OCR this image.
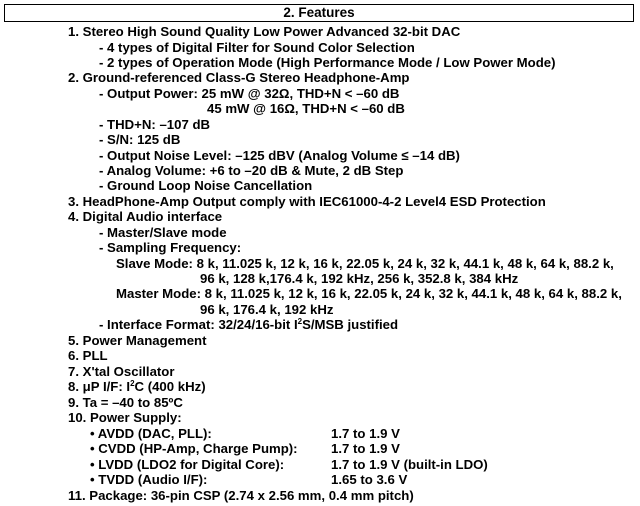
2. Features
1. Stereo High Sound Quality Low Power Advanced 32-bit DAC
- 4 types of Digital Filter for Sound Color Selection
- 2 types of Operation Mode (High Performance Mode / Low Power Mode)
2. Ground-referenced Class-G Stereo Headphone-Amp
- Output Power: 25 mW @ 32Ω, THD+N < –60 dB
45 mW @ 16Ω, THD+N < –60 dB
- THD+N: –107 dB
- S/N: 125 dB
- Output Noise Level: –125 dBV (Analog Volume ≤ –14 dB)
- Analog Volume: +6 to –20 dB & Mute, 2 dB Step
- Ground Loop Noise Cancellation
3. HeadPhone-Amp Output comply with IEC61000-4-2 Level4 ESD Protection
4. Digital Audio interface
- Master/Slave mode
- Sampling Frequency:
Slave Mode: 8 k, 11.025 k, 12 k, 16 k, 22.05 k, 24 k, 32 k, 44.1 k, 48 k, 64 k, 88.2 k,
96 k, 128 k,176.4 k, 192 kHz, 256 k, 352.8 k, 384 kHz
Master Mode: 8 k, 11.025 k, 12 k, 16 k, 22.05 k, 24 k, 32 k, 44.1 k, 48 k, 64 k, 88.2 k,
96 k, 176.4 k, 192 kHz
- Interface Format: 32/24/16-bit $I^2S$/MSB justified
5. Power Management
6. PLL
7. X'tal Oscillator
8. μP I/F: $I^2C$ (400 kHz)
9. Ta = –40 to 85ºC
10. Power Supply:
• AVDD (DAC, PLL):	1.7 to 1.9 V
• CVDD (HP-Amp, Charge Pump):	1.7 to 1.9 V
• LVDD (LDO2 for Digital Core):	1.7 to 1.9 V (built-in LDO)
• TVDD (Audio I/F):	1.65 to 3.6 V
11. Package: 36-pin CSP (2.74 x 2.56 mm, 0.4 mm pitch)
